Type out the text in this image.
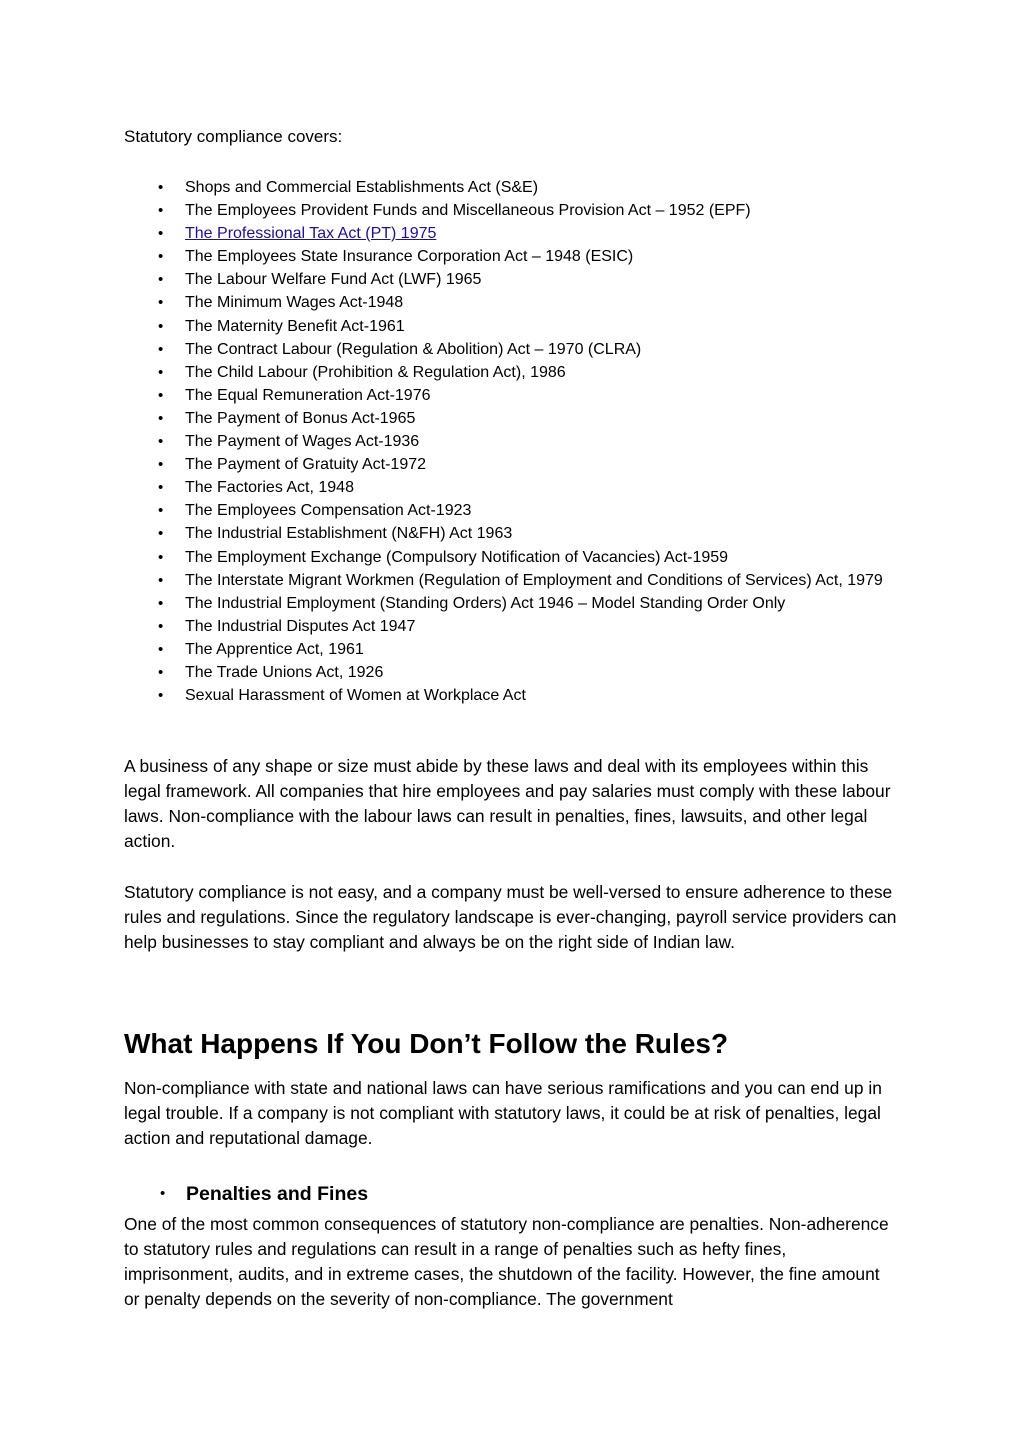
Statutory compliance covers:

• Shops and Commercial Establishments Act (S&E)
• The Employees Provident Funds and Miscellaneous Provision Act – 1952 (EPF)
• The Professional Tax Act (PT) 1975
• The Employees State Insurance Corporation Act – 1948 (ESIC)
• The Labour Welfare Fund Act (LWF) 1965
• The Minimum Wages Act-1948
• The Maternity Benefit Act-1961
• The Contract Labour (Regulation & Abolition) Act – 1970 (CLRA)
• The Child Labour (Prohibition & Regulation Act), 1986
• The Equal Remuneration Act-1976
• The Payment of Bonus Act-1965
• The Payment of Wages Act-1936
• The Payment of Gratuity Act-1972
• The Factories Act, 1948
• The Employees Compensation Act-1923
• The Industrial Establishment (N&FH) Act 1963
• The Employment Exchange (Compulsory Notification of Vacancies) Act-1959
• The Interstate Migrant Workmen (Regulation of Employment and Conditions of Services) Act, 1979
• The Industrial Employment (Standing Orders) Act 1946 – Model Standing Order Only
• The Industrial Disputes Act 1947
• The Apprentice Act, 1961
• The Trade Unions Act, 1926
• Sexual Harassment of Women at Workplace Act

A business of any shape or size must abide by these laws and deal with its employees within this legal framework. All companies that hire employees and pay salaries must comply with these labour laws. Non-compliance with the labour laws can result in penalties, fines, lawsuits, and other legal action.

Statutory compliance is not easy, and a company must be well-versed to ensure adherence to these rules and regulations. Since the regulatory landscape is ever-changing, payroll service providers can help businesses to stay compliant and always be on the right side of Indian law.

What Happens If You Don’t Follow the Rules?

Non-compliance with state and national laws can have serious ramifications and you can end up in legal trouble. If a company is not compliant with statutory laws, it could be at risk of penalties, legal action and reputational damage.

• Penalties and Fines

One of the most common consequences of statutory non-compliance are penalties. Non-adherence to statutory rules and regulations can result in a range of penalties such as hefty fines, imprisonment, audits, and in extreme cases, the shutdown of the facility. However, the fine amount or penalty depends on the severity of non-compliance. The government
